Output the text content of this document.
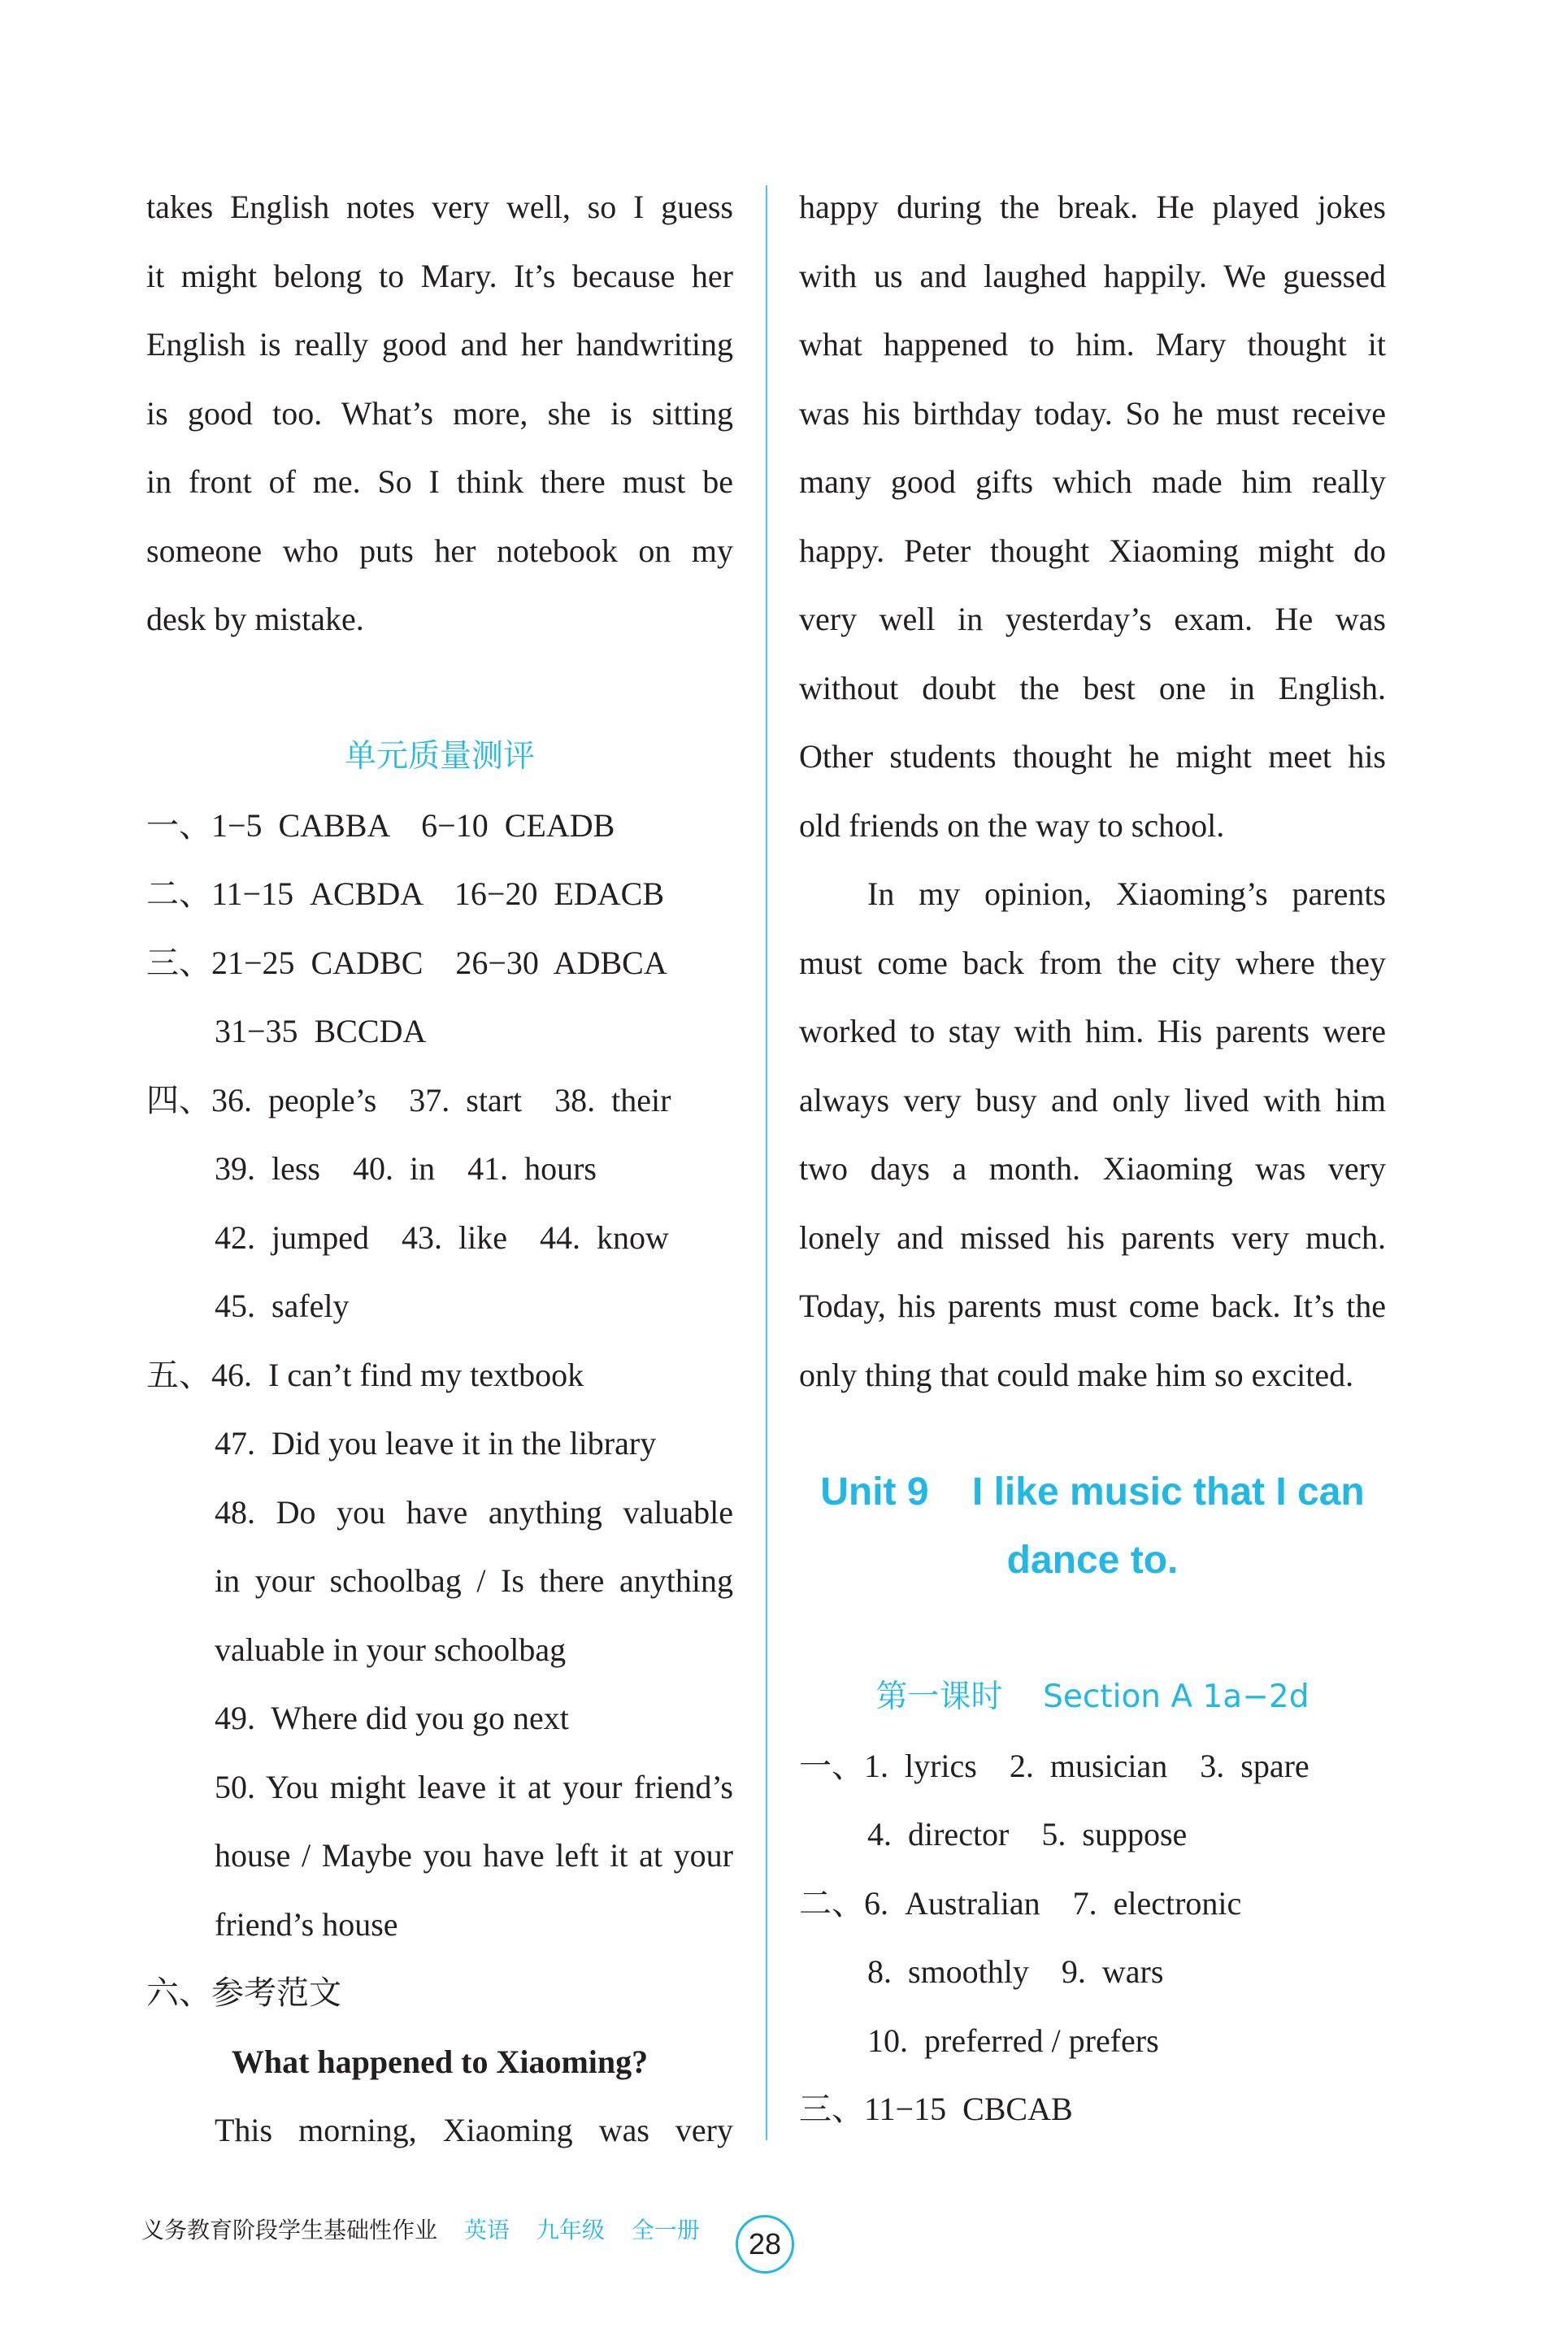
takes English notes very well, so I guess
it might belong to Mary. It’s because her
English is really good and her handwriting
is good too. What’s more, she is sitting
in front of me. So I think there must be
someone who puts her notebook on my
desk by mistake.
单元质量测评
一、1−5  CABBA    6−10  CEADB
二、11−15  ACBDA    16−20  EDACB
三、21−25  CADBC    26−30  ADBCA
31−35  BCCDA
四、36.  people’s    37.  start    38.  their
39.  less    40.  in    41.  hours
42.  jumped    43.  like    44.  know
45.  safely
五、46.  I can’t find my textbook
47.  Did you leave it in the library
48. Do you have anything valuable
in your schoolbag / Is there anything
valuable in your schoolbag
49.  Where did you go next
50. You might leave it at your friend’s
house / Maybe you have left it at your
friend’s house
六、参考范文
What happened to Xiaoming?
This morning, Xiaoming was very
happy during the break. He played jokes
with us and laughed happily. We guessed
what happened to him. Mary thought it
was his birthday today. So he must receive
many good gifts which made him really
happy. Peter thought Xiaoming might do
very well in yesterday’s exam. He was
without doubt the best one in English.
Other students thought he might meet his
old friends on the way to school.
In my opinion, Xiaoming’s parents
must come back from the city where they
worked to stay with him. His parents were
always very busy and only lived with him
two days a month. Xiaoming was very
lonely and missed his parents very much.
Today, his parents must come back. It’s the
only thing that could make him so excited.
Unit 9    I like music that I can
dance to.
第一课时    Section A 1a−2d
一、1.  lyrics    2.  musician    3.  spare
4.  director    5.  suppose
二、6.  Australian    7.  electronic
8.  smoothly    9.  wars
10.  preferred / prefers
三、11−15  CBCAB
义务教育阶段学生基础性作业 英语 九年级 全一册	28
